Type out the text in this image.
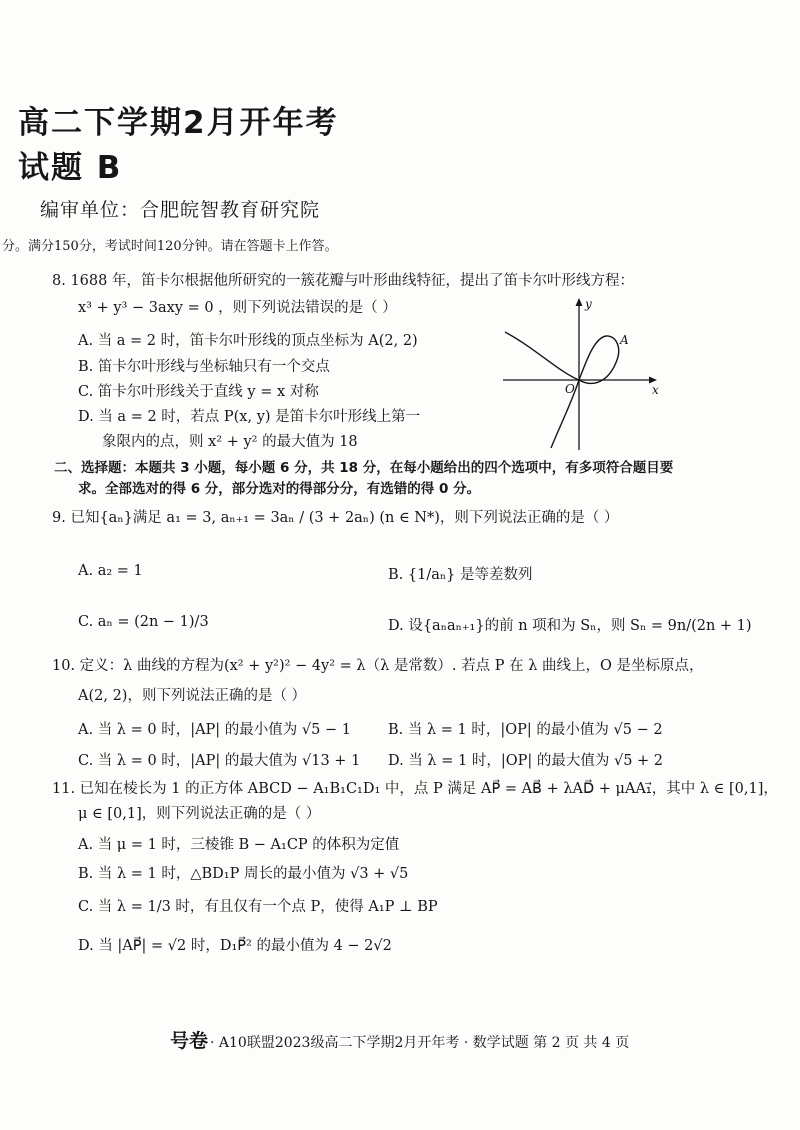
高二下学期2月开年考
试题 B
编审单位：合肥皖智教育研究院
分。满分150分，考试时间120分钟。请在答题卡上作答。
8. 1688 年，笛卡尔根据他所研究的一簇花瓣与叶形曲线特征，提出了笛卡尔叶形线方程：
x³ + y³ − 3axy = 0 ，则下列说法错误的是（ ）
A. 当 a = 2 时，笛卡尔叶形线的顶点坐标为 A(2, 2)
B. 笛卡尔叶形线与坐标轴只有一个交点
C. 笛卡尔叶形线关于直线 y = x 对称
D. 当 a = 2 时，若点 P(x, y) 是笛卡尔叶形线上第一
象限内的点，则 x² + y² 的最大值为 18
y
x
O
A
二、选择题：本题共 3 小题，每小题 6 分，共 18 分，在每小题给出的四个选项中，有多项符合题目要
求。全部选对的得 6 分，部分选对的得部分分，有选错的得 0 分。
9. 已知{aₙ}满足 a₁ = 3, aₙ₊₁ = 3aₙ / (3 + 2aₙ) (n ∈ N*)，则下列说法正确的是（ ）
A. a₂ = 1	B. {1/aₙ} 是等差数列
C. aₙ = (2n − 1)/3	D. 设{aₙaₙ₊₁}的前 n 项和为 Sₙ，则 Sₙ = 9n/(2n + 1)
10. 定义：λ 曲线的方程为(x² + y²)² − 4y² = λ（λ 是常数）. 若点 P 在 λ 曲线上，O 是坐标原点，
A(2, 2)，则下列说法正确的是（ ）
A. 当 λ = 0 时，|AP| 的最小值为 √5 − 1	B. 当 λ = 1 时，|OP| 的最小值为 √5 − 2
C. 当 λ = 0 时，|AP| 的最大值为 √13 + 1 D. 当 λ = 1 时，|OP| 的最大值为 √5 + 2
11. 已知在棱长为 1 的正方体 ABCD − A₁B₁C₁D₁ 中，点 P 满足 AP⃗ = AB⃗ + λAD⃗ + μAA₁⃗，其中 λ ∈ [0,1]，
μ ∈ [0,1]，则下列说法正确的是（ ）
A. 当 μ = 1 时，三棱锥 B − A₁CP 的体积为定值
B. 当 λ = 1 时，△BD₁P 周长的最小值为 √3 + √5
C. 当 λ = 1/3 时，有且仅有一个点 P，使得 A₁P ⊥ BP
D. 当 |AP⃗| = √2 时，D₁P⃗² 的最小值为 4 − 2√2
号卷 · A10联盟2023级高二下学期2月开年考 · 数学试题 第 2 页 共 4 页
